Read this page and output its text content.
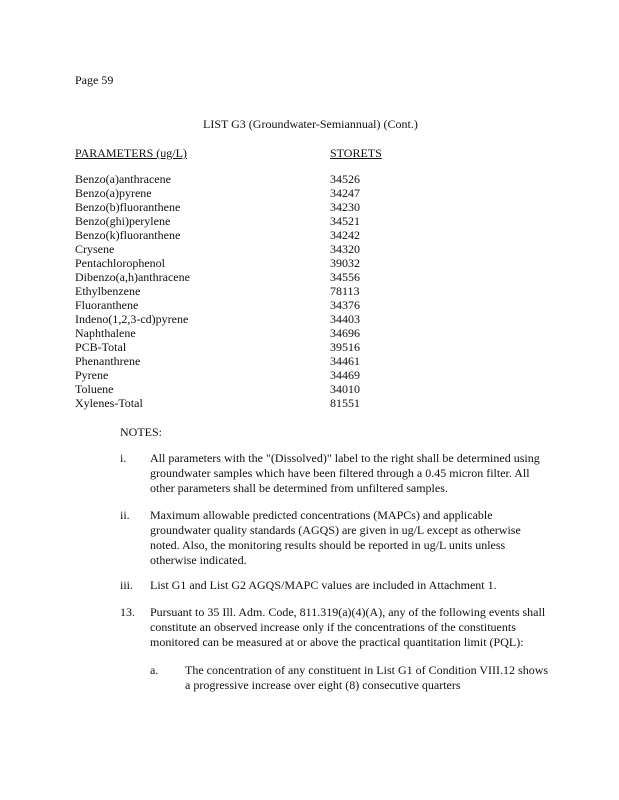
Page 59
LIST G3 (Groundwater-Semiannual) (Cont.)
PARAMETERS (ug/L)	STORETS
Benzo(a)anthracene	34526
Benzo(a)pyrene	34247
Benzo(b)fluoranthene	34230
Benzo(ghi)perylene	34521
Benzo(k)fluoranthene	34242
Crysene	34320
Pentachlorophenol	39032
Dibenzo(a,h)anthracene	34556
Ethylbenzene	78113
Fluoranthene	34376
Indeno(1,2,3-cd)pyrene	34403
Naphthalene	34696
PCB-Total	39516
Phenanthrene	34461
Pyrene	34469
Toluene	34010
Xylenes-Total	81551
NOTES:
i. All parameters with the "(Dissolved)" label to the right shall be determined using groundwater samples which have been filtered through a 0.45 micron filter. All other parameters shall be determined from unfiltered samples.
ii. Maximum allowable predicted concentrations (MAPCs) and applicable groundwater quality standards (AGQS) are given in ug/L except as otherwise noted. Also, the monitoring results should be reported in ug/L units unless otherwise indicated.
iii. List G1 and List G2 AGQS/MAPC values are included in Attachment 1.
13. Pursuant to 35 Ill. Adm. Code, 811.319(a)(4)(A), any of the following events shall constitute an observed increase only if the concentrations of the constituents monitored can be measured at or above the practical quantitation limit (PQL):
a. The concentration of any constituent in List G1 of Condition VIII.12 shows a progressive increase over eight (8) consecutive quarters
